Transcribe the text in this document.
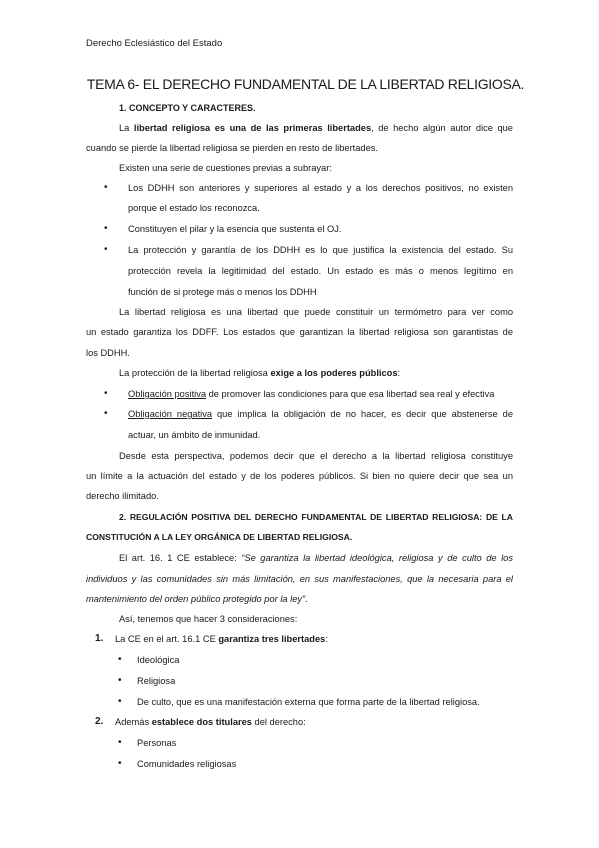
Derecho Eclesiástico del Estado
TEMA 6- EL DERECHO FUNDAMENTAL DE LA LIBERTAD RELIGIOSA.
1. CONCEPTO Y CARACTERES.
La libertad religiosa es una de las primeras libertades, de hecho algún autor dice que
cuando se pierde la libertad religiosa se pierden en resto de libertades.
Existen una serie de cuestiones previas a subrayar:
• Los DDHH son anteriores y superiores al estado y a los derechos positivos, no existen
porque el estado los reconozca.
• Constituyen el pilar y la esencia que sustenta el OJ.
• La protección y garantía de los DDHH es lo que justifica la existencia del estado. Su
protección revela la legitimidad del estado. Un estado es más o menos legítimo en
función de si protege más o menos los DDHH
La libertad religiosa es una libertad que puede constituir un termómetro para ver como
un estado garantiza los DDFF. Los estados que garantizan la libertad religiosa son garantistas de
los DDHH.
La protección de la libertad religiosa exige a los poderes públicos:
• Obligación positiva de promover las condiciones para que esa libertad sea real y efectiva
• Obligación negativa que implica la obligación de no hacer, es decir que abstenerse de
actuar, un ámbito de inmunidad.
Desde esta perspectiva, podemos decir que el derecho a la libertad religiosa constituye
un límite a la actuación del estado y de los poderes públicos. Si bien no quiere decir que sea un
derecho ilimitado.
2. REGULACIÓN POSITIVA DEL DERECHO FUNDAMENTAL DE LIBERTAD RELIGIOSA: DE LA
CONSTITUCIÓN A LA LEY ORGÁNICA DE LIBERTAD RELIGIOSA.
El art. 16. 1 CE establece: “Se garantiza la libertad ideológica, religiosa y de culto de los
individuos y las comunidades sin más limitación, en sus manifestaciones, que la necesaria para el
mantenimiento del orden público protegido por la ley”.
Así, tenemos que hacer 3 consideraciones:
1. La CE en el art. 16.1 CE garantiza tres libertades:
• Ideológica
• Religiosa
• De culto, que es una manifestación externa que forma parte de la libertad religiosa.
2. Además establece dos titulares del derecho:
• Personas
• Comunidades religiosas
